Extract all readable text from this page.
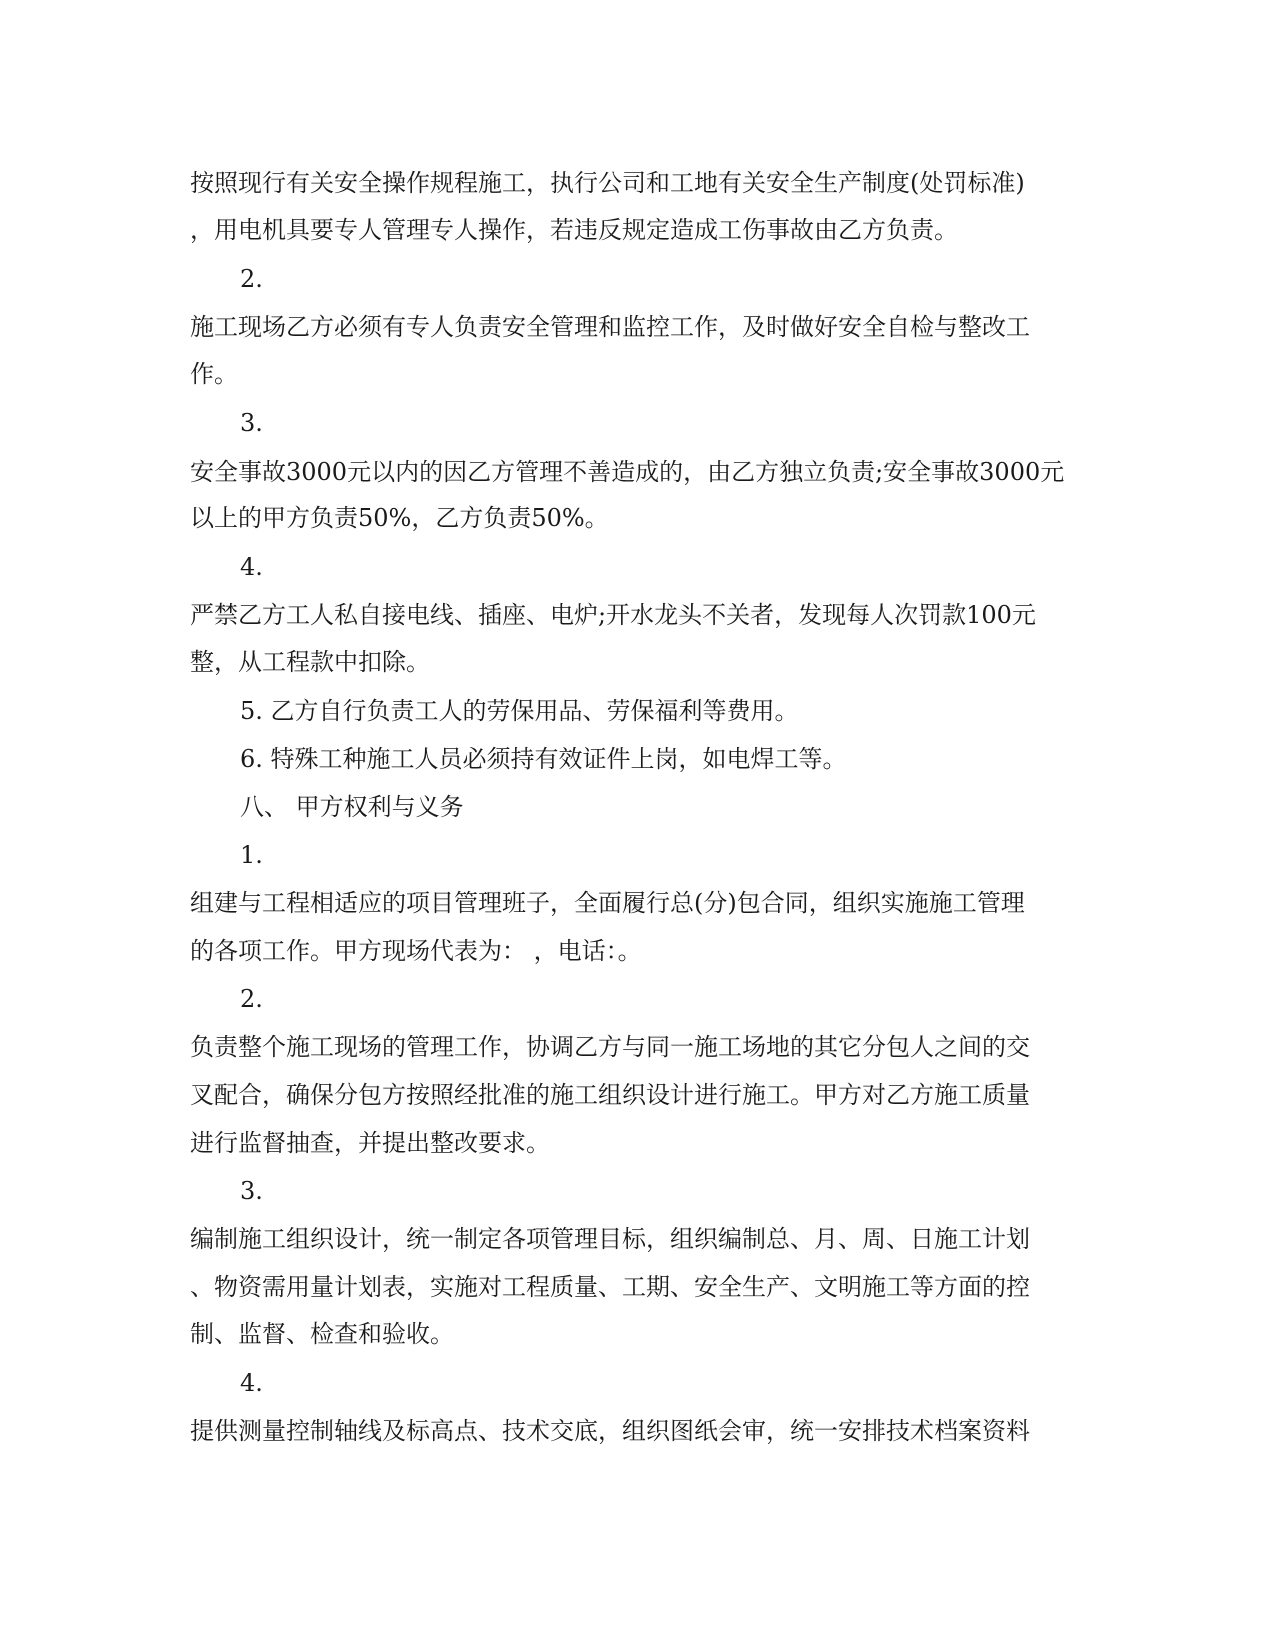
按照现行有关安全操作规程施工，执行公司和工地有关安全生产制度(处罚标准)
，用电机具要专人管理专人操作，若违反规定造成工伤事故由乙方负责。
2.
施工现场乙方必须有专人负责安全管理和监控工作，及时做好安全自检与整改工
作。
3.
安全事故3000元以内的因乙方管理不善造成的，由乙方独立负责;安全事故3000元
以上的甲方负责50%，乙方负责50%。
4.
严禁乙方工人私自接电线、插座、电炉;开水龙头不关者，发现每人次罚款100元
整，从工程款中扣除。
5. 乙方自行负责工人的劳保用品、劳保福利等费用。
6. 特殊工种施工人员必须持有效证件上岗，如电焊工等。
八、 甲方权利与义务
1.
组建与工程相适应的项目管理班子，全面履行总(分)包合同，组织实施施工管理
的各项工作。甲方现场代表为： ，电话：。
2.
负责整个施工现场的管理工作，协调乙方与同一施工场地的其它分包人之间的交
叉配合，确保分包方按照经批准的施工组织设计进行施工。甲方对乙方施工质量
进行监督抽查，并提出整改要求。
3.
编制施工组织设计，统一制定各项管理目标，组织编制总、月、周、日施工计划
、物资需用量计划表，实施对工程质量、工期、安全生产、文明施工等方面的控
制、监督、检查和验收。
4.
提供测量控制轴线及标高点、技术交底，组织图纸会审，统一安排技术档案资料
